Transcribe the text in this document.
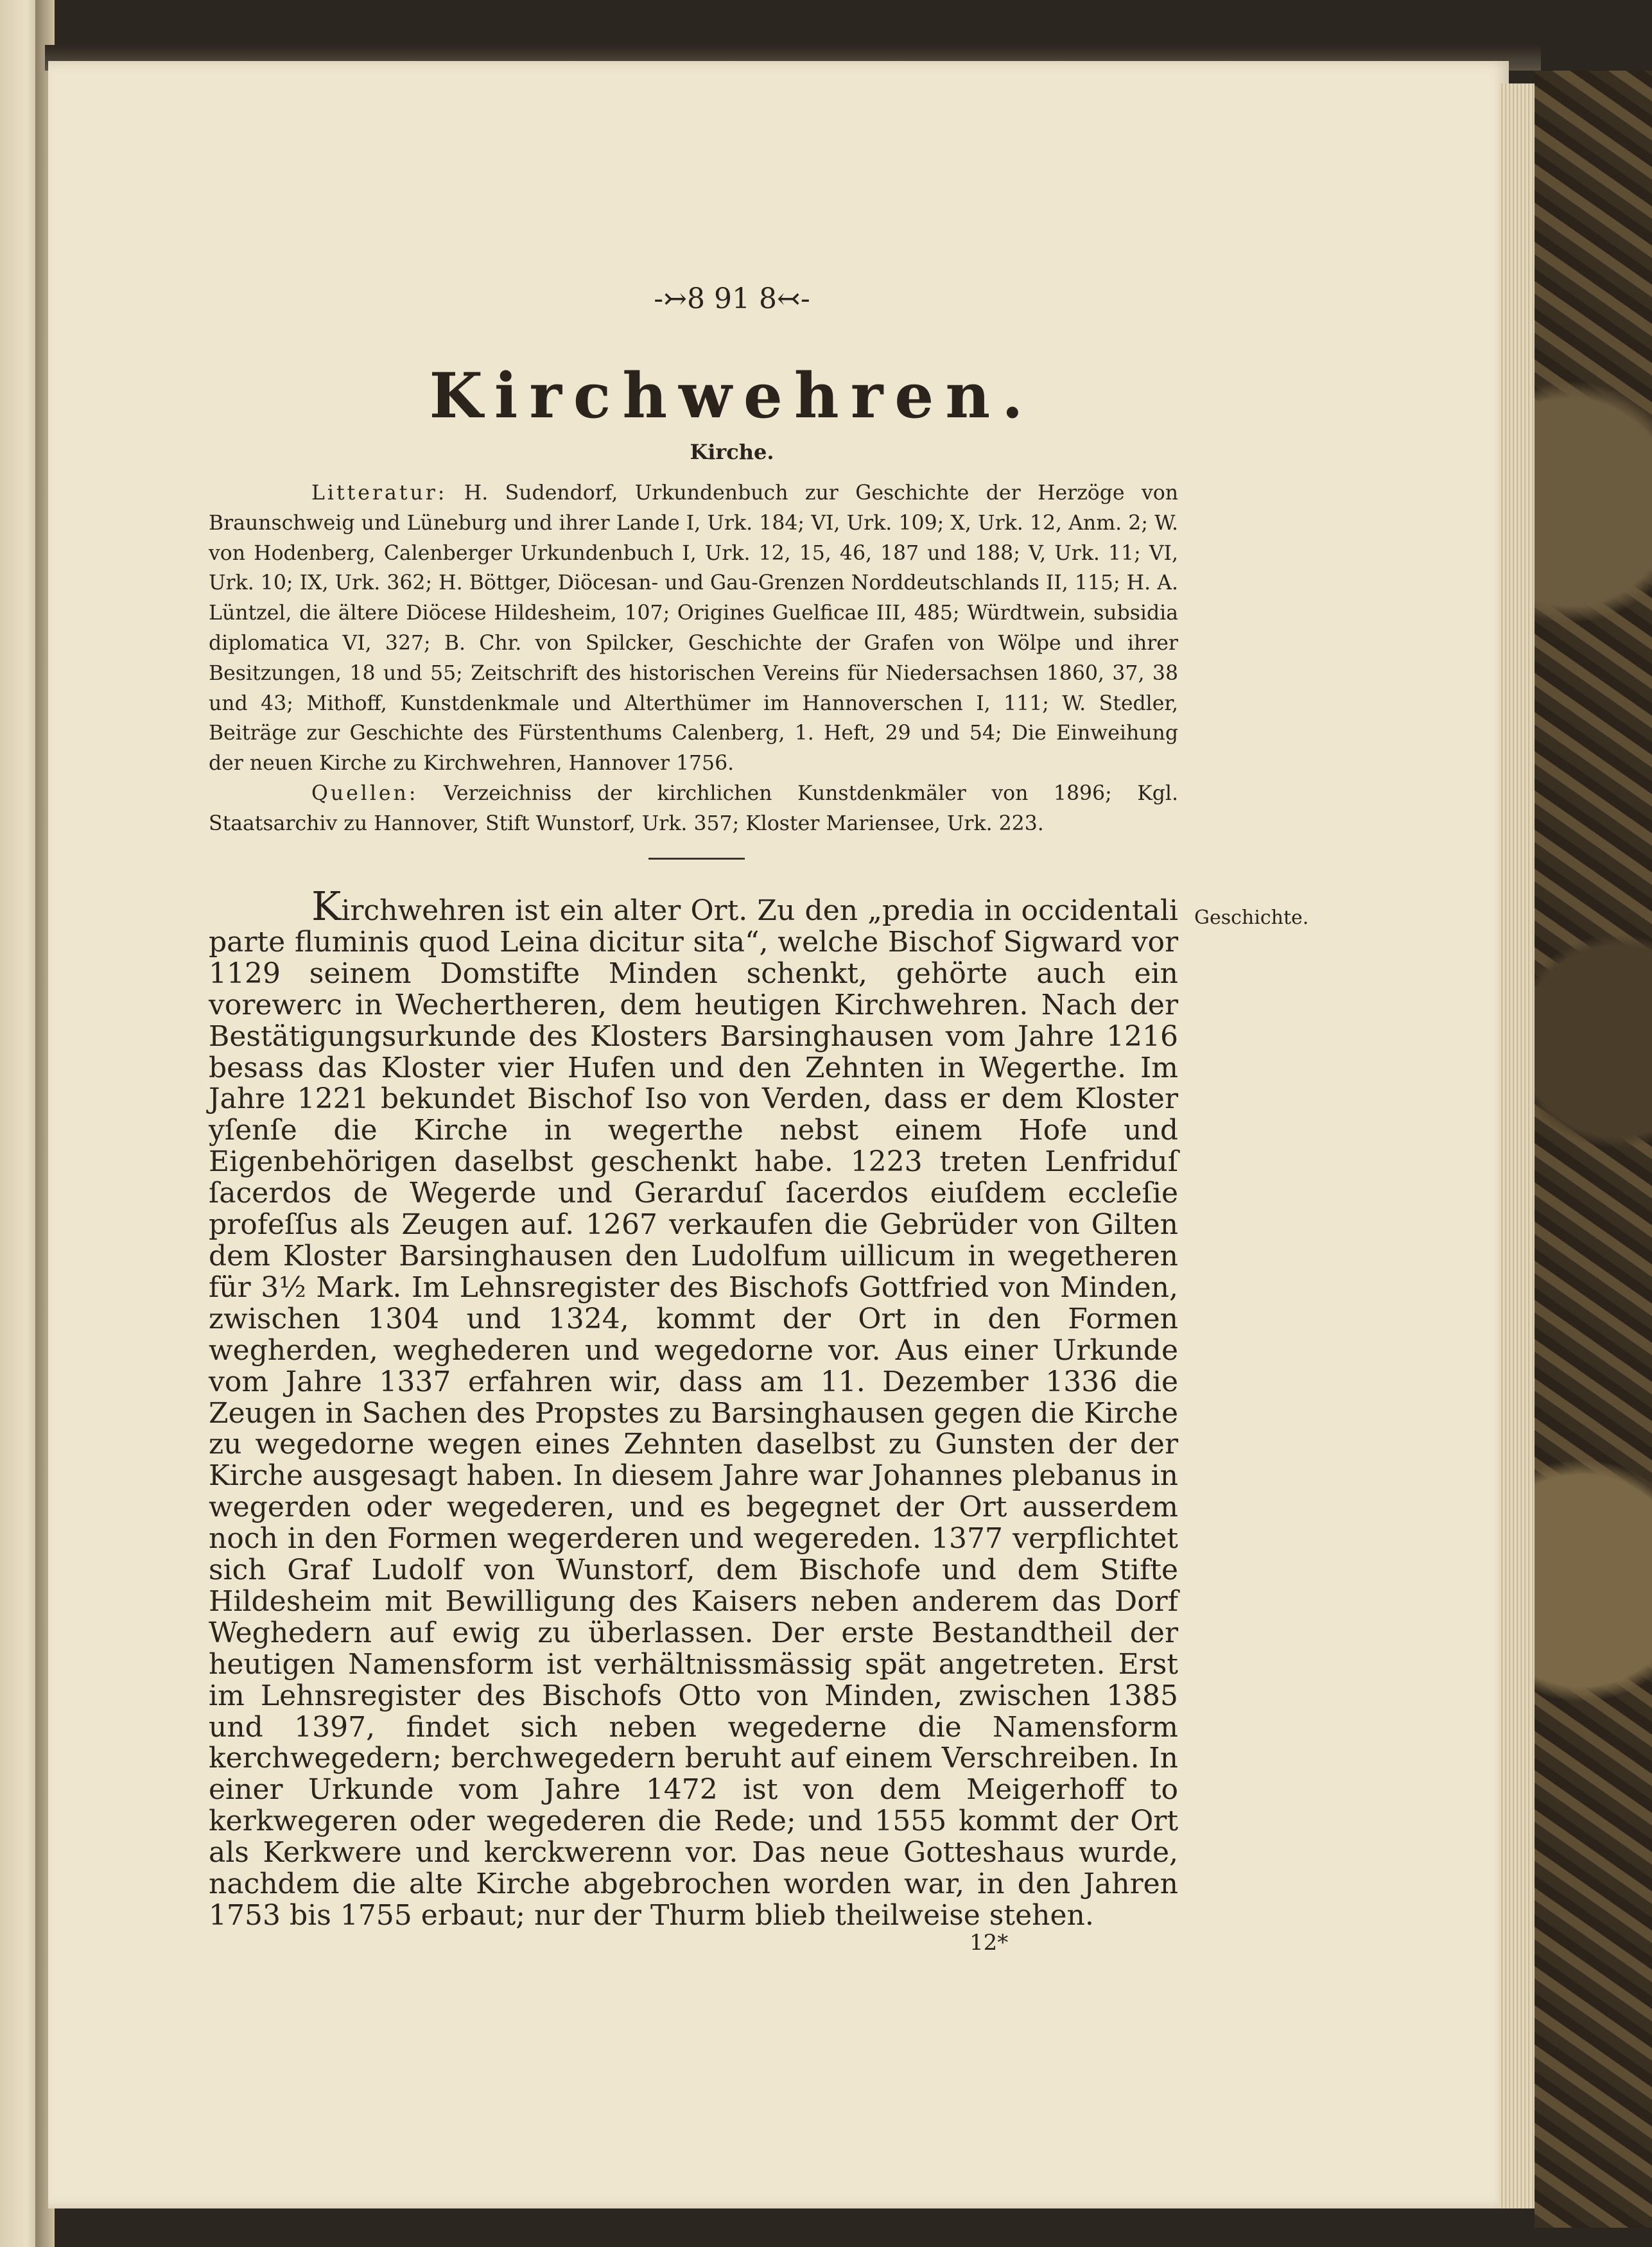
-↣8 91 8↢-
Kirchwehren.
Kirche.

Litteratur: H. Sudendorf, Urkundenbuch zur Geschichte der Herzöge von Braunschweig und Lüneburg und ihrer Lande I, Urk. 184; VI, Urk. 109; X, Urk. 12, Anm. 2; W. von Hodenberg, Calenberger Urkundenbuch I, Urk. 12, 15, 46, 187 und 188; V, Urk. 11; VI, Urk. 10; IX, Urk. 362; H. Böttger, Diöcesan- und Gau-Grenzen Norddeutschlands II, 115; H. A. Lüntzel, die ältere Diöcese Hildesheim, 107; Origines Guelficae III, 485; Würdtwein, subsidia diplomatica VI, 327; B. Chr. von Spilcker, Geschichte der Grafen von Wölpe und ihrer Besitzungen, 18 und 55; Zeitschrift des historischen Vereins für Niedersachsen 1860, 37, 38 und 43; Mithoff, Kunstdenkmale und Alterthümer im Hannoverschen I, 111; W. Stedler, Beiträge zur Geschichte des Fürstenthums Calenberg, 1. Heft, 29 und 54; Die Einweihung der neuen Kirche zu Kirchwehren, Hannover 1756.

Quellen: Verzeichniss der kirchlichen Kunstdenkmäler von 1896; Kgl. Staatsarchiv zu Hannover, Stift Wunstorf, Urk. 357; Kloster Mariensee, Urk. 223.

Kirchwehren ist ein alter Ort. Zu den „predia in occidentali parte fluminis quod Leina dicitur sita“, welche Bischof Sigward vor 1129 seinem Domstifte Minden schenkt, gehörte auch ein vorewerc in Wechertheren, dem heutigen Kirchwehren. Nach der Bestätigungsurkunde des Klosters Barsinghausen vom Jahre 1216 besass das Kloster vier Hufen und den Zehnten in Wegerthe. Im Jahre 1221 bekundet Bischof Iso von Verden, dass er dem Kloster yſenſe die Kirche in wegerthe nebst einem Hofe und Eigenbehörigen daselbst geschenkt habe. 1223 treten Lenfriduſ ſacerdos de Wegerde und Gerarduſ ſacerdos eiuſdem eccleſie profeſſus als Zeugen auf. 1267 verkaufen die Gebrüder von Gilten dem Kloster Barsinghausen den Ludolfum uillicum in wegetheren für 3½ Mark. Im Lehnsregister des Bischofs Gottfried von Minden, zwischen 1304 und 1324, kommt der Ort in den Formen wegherden, weghederen und wegedorne vor. Aus einer Urkunde vom Jahre 1337 erfahren wir, dass am 11. Dezember 1336 die Zeugen in Sachen des Propstes zu Barsinghausen gegen die Kirche zu wegedorne wegen eines Zehnten daselbst zu Gunsten der der Kirche ausgesagt haben. In diesem Jahre war Johannes plebanus in wegerden oder wegederen, und es begegnet der Ort ausserdem noch in den Formen wegerderen und wegereden. 1377 verpflichtet sich Graf Ludolf von Wunstorf, dem Bischofe und dem Stifte Hildesheim mit Bewilligung des Kaisers neben anderem das Dorf Weghedern auf ewig zu überlassen. Der erste Bestandtheil der heutigen Namensform ist verhältnissmässig spät angetreten. Erst im Lehnsregister des Bischofs Otto von Minden, zwischen 1385 und 1397, findet sich neben wegederne die Namensform kerchwegedern; berchwegedern beruht auf einem Verschreiben. In einer Urkunde vom Jahre 1472 ist von dem Meigerhoff to kerkwegeren oder wegederen die Rede; und 1555 kommt der Ort als Kerkwere und kerckwerenn vor. Das neue Gotteshaus wurde, nachdem die alte Kirche abgebrochen worden war, in den Jahren 1753 bis 1755 erbaut; nur der Thurm blieb theilweise stehen.

Geschichte.
12*
